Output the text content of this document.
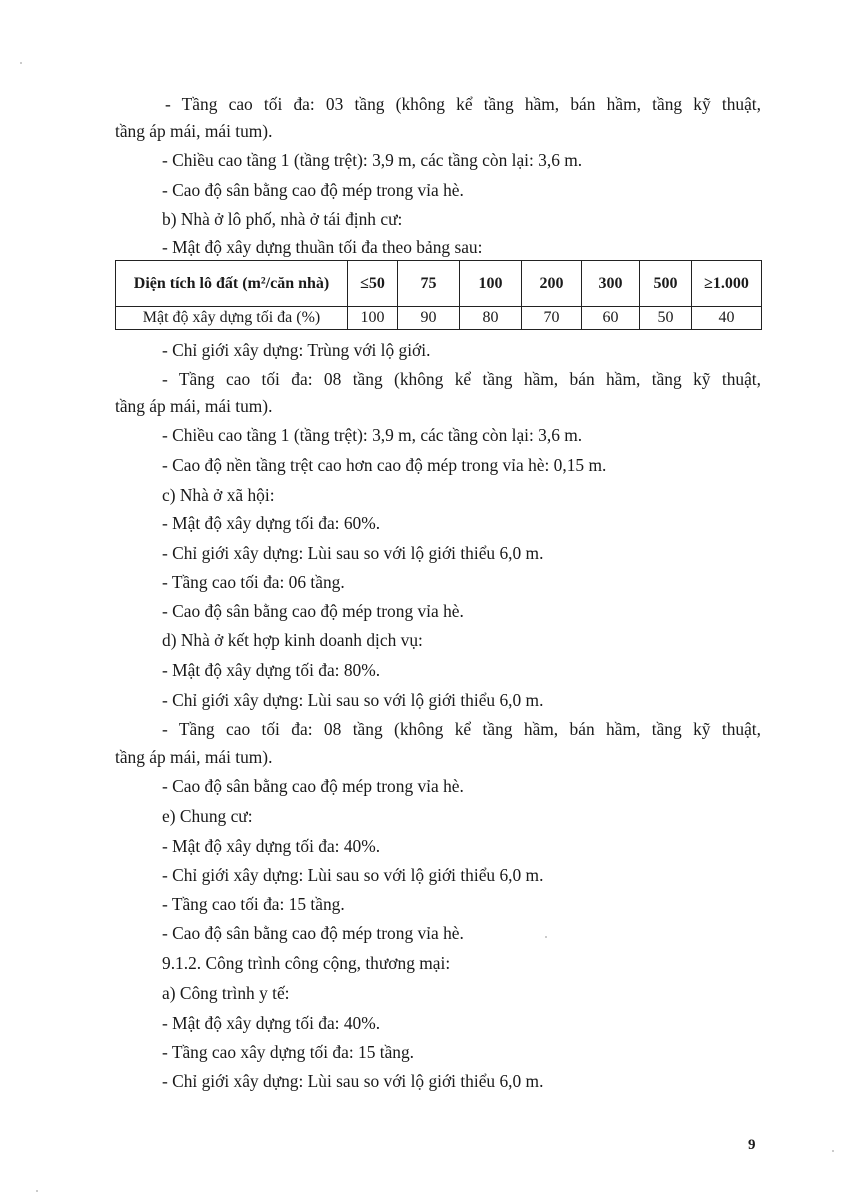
- Tầng cao tối đa: 03 tầng (không kể tầng hầm, bán hầm, tầng kỹ thuật,

tầng áp mái, mái tum).

- Chiều cao tầng 1 (tầng trệt): 3,9 m, các tầng còn lại: 3,6 m.

- Cao độ sân bằng cao độ mép trong vỉa hè.

b) Nhà ở lô phố, nhà ở tái định cư:

- Mật độ xây dựng thuần tối đa theo bảng sau:

Diện tích lô đất (m²/căn nhà)	≤50	75	100	200	300	500	≥1.000
Mật độ xây dựng tối đa (%)	100	90	80	70	60	50	40

- Chỉ giới xây dựng: Trùng với lộ giới.

- Tầng cao tối đa: 08 tầng (không kể tầng hầm, bán hầm, tầng kỹ thuật,

tầng áp mái, mái tum).

- Chiều cao tầng 1 (tầng trệt): 3,9 m, các tầng còn lại: 3,6 m.

- Cao độ nền tầng trệt cao hơn cao độ mép trong vỉa hè: 0,15 m.

c) Nhà ở xã hội:

- Mật độ xây dựng tối đa: 60%.

- Chỉ giới xây dựng: Lùi sau so với lộ giới thiểu 6,0 m.

- Tầng cao tối đa: 06 tầng.

- Cao độ sân bằng cao độ mép trong vỉa hè.

d) Nhà ở kết hợp kinh doanh dịch vụ:

- Mật độ xây dựng tối đa: 80%.

- Chỉ giới xây dựng: Lùi sau so với lộ giới thiểu 6,0 m.

- Tầng cao tối đa: 08 tầng (không kể tầng hầm, bán hầm, tầng kỹ thuật,

tầng áp mái, mái tum).

- Cao độ sân bằng cao độ mép trong vỉa hè.

e) Chung cư:

- Mật độ xây dựng tối đa: 40%.

- Chỉ giới xây dựng: Lùi sau so với lộ giới thiểu 6,0 m.

- Tầng cao tối đa: 15 tầng.

- Cao độ sân bằng cao độ mép trong vỉa hè.

9.1.2. Công trình công cộng, thương mại:

a) Công trình y tế:

- Mật độ xây dựng tối đa: 40%.

- Tầng cao xây dựng tối đa: 15 tầng.

- Chỉ giới xây dựng: Lùi sau so với lộ giới thiểu 6,0 m.

9
